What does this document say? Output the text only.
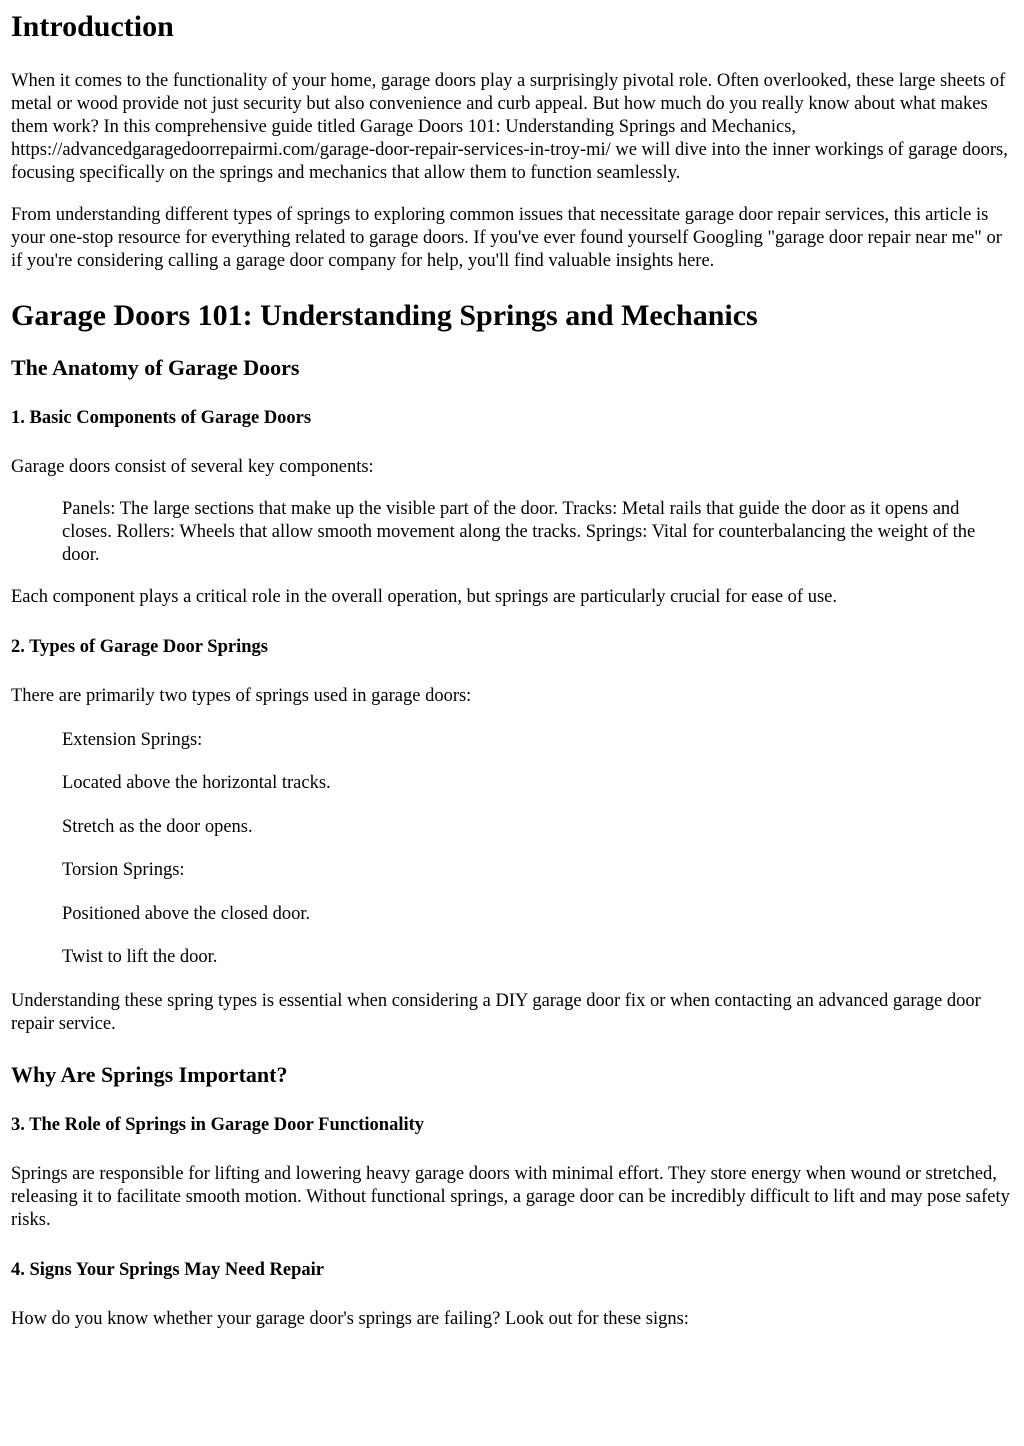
Introduction

When it comes to the functionality of your home, garage doors play a surprisingly pivotal role. Often overlooked, these large sheets of metal or wood provide not just security but also convenience and curb appeal. But how much do you really know about what makes them work? In this comprehensive guide titled Garage Doors 101: Understanding Springs and Mechanics, https://advancedgaragedoorrepairmi.com/garage-door-repair-services-in-troy-mi/ we will dive into the inner workings of garage doors, focusing specifically on the springs and mechanics that allow them to function seamlessly.

From understanding different types of springs to exploring common issues that necessitate garage door repair services, this article is your one-stop resource for everything related to garage doors. If you've ever found yourself Googling "garage door repair near me" or if you're considering calling a garage door company for help, you'll find valuable insights here.

Garage Doors 101: Understanding Springs and Mechanics
The Anatomy of Garage Doors
1. Basic Components of Garage Doors

Garage doors consist of several key components:

Panels: The large sections that make up the visible part of the door. Tracks: Metal rails that guide the door as it opens and closes. Rollers: Wheels that allow smooth movement along the tracks. Springs: Vital for counterbalancing the weight of the door.

Each component plays a critical role in the overall operation, but springs are particularly crucial for ease of use.

2. Types of Garage Door Springs

There are primarily two types of springs used in garage doors:

Extension Springs:
Located above the horizontal tracks.
Stretch as the door opens.
Torsion Springs:
Positioned above the closed door.
Twist to lift the door.

Understanding these spring types is essential when considering a DIY garage door fix or when contacting an advanced garage door repair service.

Why Are Springs Important?
3. The Role of Springs in Garage Door Functionality

Springs are responsible for lifting and lowering heavy garage doors with minimal effort. They store energy when wound or stretched, releasing it to facilitate smooth motion. Without functional springs, a garage door can be incredibly difficult to lift and may pose safety risks.

4. Signs Your Springs May Need Repair

How do you know whether your garage door's springs are failing? Look out for these signs:
